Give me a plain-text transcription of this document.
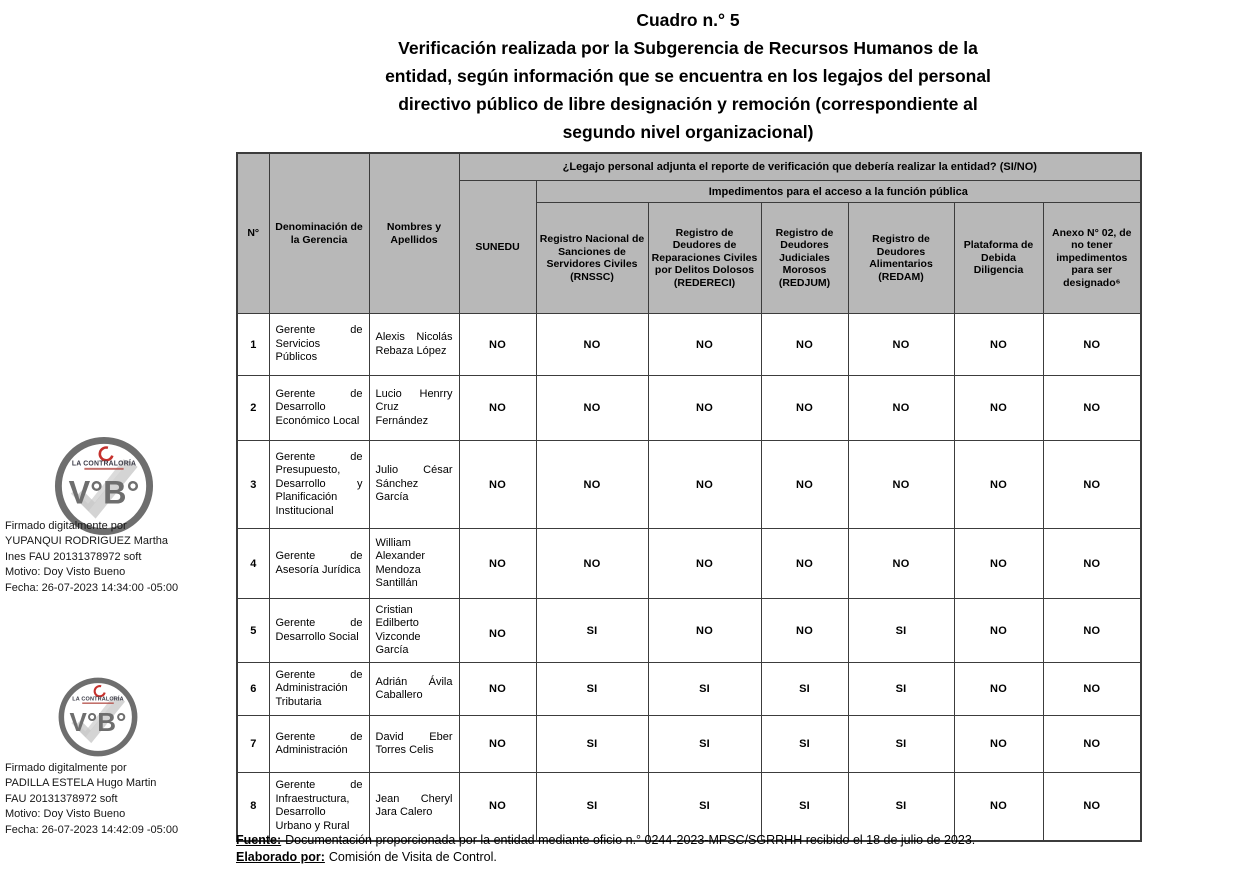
Cuadro n.° 5
Verificación realizada por la Subgerencia de Recursos Humanos de la
entidad, según información que se encuentra en los legajos del personal
directivo público de libre designación y remoción (correspondiente al
segundo nivel organizacional)
LA CONTRALORÍA
V°B°
Firmado digitalmente por
YUPANQUI RODRIGUEZ Martha
Ines FAU 20131378972 soft
Motivo: Doy Visto Bueno
Fecha: 26-07-2023 14:34:00 -05:00
LA CONTRALORÍA
V°B°
Firmado digitalmente por
PADILLA ESTELA Hugo Martin
FAU 20131378972 soft
Motivo: Doy Visto Bueno
Fecha: 26-07-2023 14:42:09 -05:00
N°	Denominación de la Gerencia	Nombres y Apellidos	¿Legajo personal adjunta el reporte de verificación que debería realizar la entidad? (SI/NO)						
			SUNEDU	Impedimentos para el acceso a la función pública					
				Registro Nacional de Sanciones de Servidores Civiles (RNSSC)	Registro de Deudores de Reparaciones Civiles por Delitos Dolosos (REDERECI)	Registro de Deudores Judiciales Morosos (REDJUM)	Registro de Deudores Alimentarios (REDAM)	Plataforma de Debida Diligencia	Anexo N° 02, de no tener impedimentos para ser designado⁶
1	Gerente de Servicios Públicos	Alexis Nicolás Rebaza López	NO	NO	NO	NO	NO	NO	NO
2	Gerente de Desarrollo Económico Local	Lucio Henrry Cruz Fernández	NO	NO	NO	NO	NO	NO	NO
3	Gerente de Presupuesto, Desarrollo y Planificación Institucional	Julio César Sánchez García	NO	NO	NO	NO	NO	NO	NO
4	Gerente de Asesoría Jurídica	William Alexander Mendoza Santillán	NO	NO	NO	NO	NO	NO	NO
5	Gerente de Desarrollo Social	Cristian Edilberto Vizconde García	NO	SI	NO	NO	SI	NO	NO
6	Gerente de Administración Tributaria	Adrián Ávila Caballero	NO	SI	SI	SI	SI	NO	NO
7	Gerente de Administración	David Eber Torres Celis	NO	SI	SI	SI	SI	NO	NO
8	Gerente de Infraestructura, Desarrollo Urbano y Rural	Jean Cheryl Jara Calero	NO	SI	SI	SI	SI	NO	NO
Fuente: Documentación proporcionada por la entidad mediante oficio n.° 0244-2023-MPSC/SGRRHH recibido el 18 de julio de 2023.
Elaborado por: Comisión de Visita de Control.
